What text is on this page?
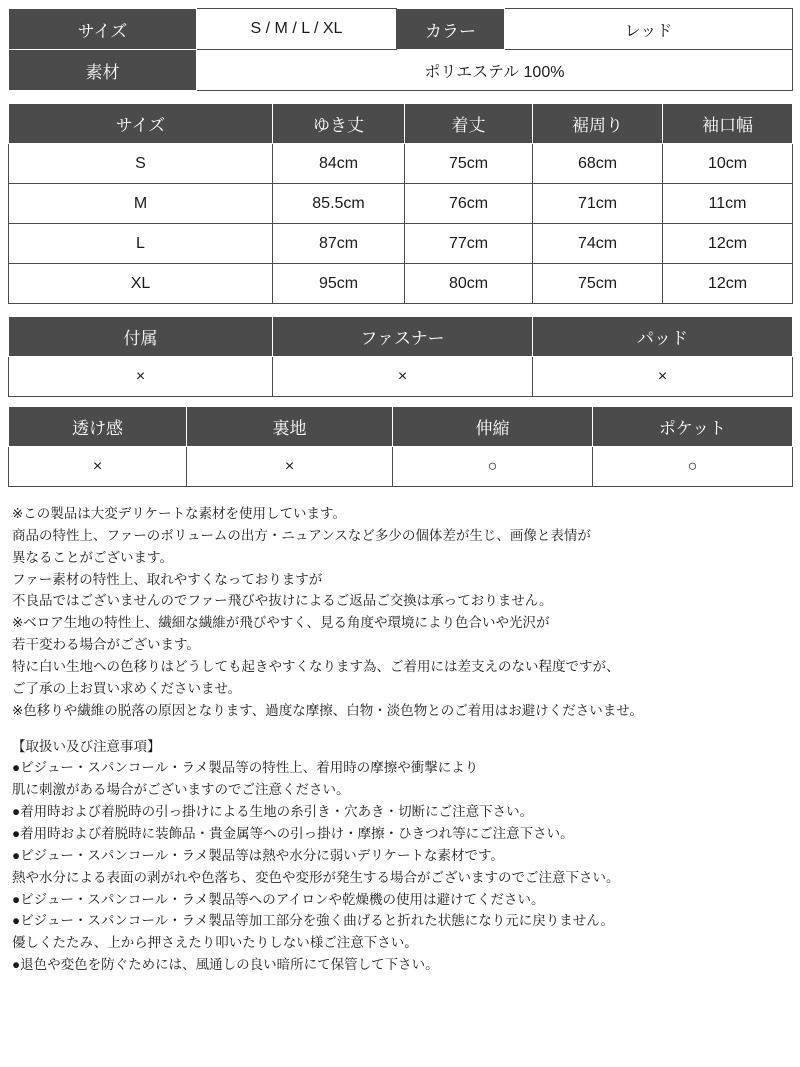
サイズ	S / M / L / XL	カラー	レッド
素材	ポリエステル 100%		
サイズ	ゆき丈	着丈	裾周り	袖口幅
S	84cm	75cm	68cm	10cm
M	85.5cm	76cm	71cm	11cm
L	87cm	77cm	74cm	12cm
XL	95cm	80cm	75cm	12cm
付属	ファスナー	パッド
×	×	×
透け感	裏地	伸縮	ポケット
×	×	○	○

※この製品は大変デリケートな素材を使用しています。

商品の特性上、ファーのボリュームの出方・ニュアンスなど多少の個体差が生じ、画像と表情が

異なることがございます。

ファー素材の特性上、取れやすくなっておりますが

不良品ではございませんのでファー飛びや抜けによるご返品ご交換は承っておりません。

※ベロア生地の特性上、繊細な繊維が飛びやすく、見る角度や環境により色合いや光沢が

若干変わる場合がございます。

特に白い生地への色移りはどうしても起きやすくなります為、ご着用には差支えのない程度ですが、

ご了承の上お買い求めくださいませ。

※色移りや繊維の脱落の原因となります、過度な摩擦、白物・淡色物とのご着用はお避けくださいませ。

【取扱い及び注意事項】

●ビジュー・スパンコール・ラメ製品等の特性上、着用時の摩擦や衝撃により

肌に刺激がある場合がございますのでご注意ください。

●着用時および着脱時の引っ掛けによる生地の糸引き・穴あき・切断にご注意下さい。

●着用時および着脱時に装飾品・貴金属等への引っ掛け・摩擦・ひきつれ等にご注意下さい。

●ビジュー・スパンコール・ラメ製品等は熱や水分に弱いデリケートな素材です。

熱や水分による表面の剥がれや色落ち、変色や変形が発生する場合がございますのでご注意下さい。

●ビジュー・スパンコール・ラメ製品等へのアイロンや乾燥機の使用は避けてください。

●ビジュー・スパンコール・ラメ製品等加工部分を強く曲げると折れた状態になり元に戻りません。

優しくたたみ、上から押さえたり叩いたりしない様ご注意下さい。

●退色や変色を防ぐためには、風通しの良い暗所にて保管して下さい。
